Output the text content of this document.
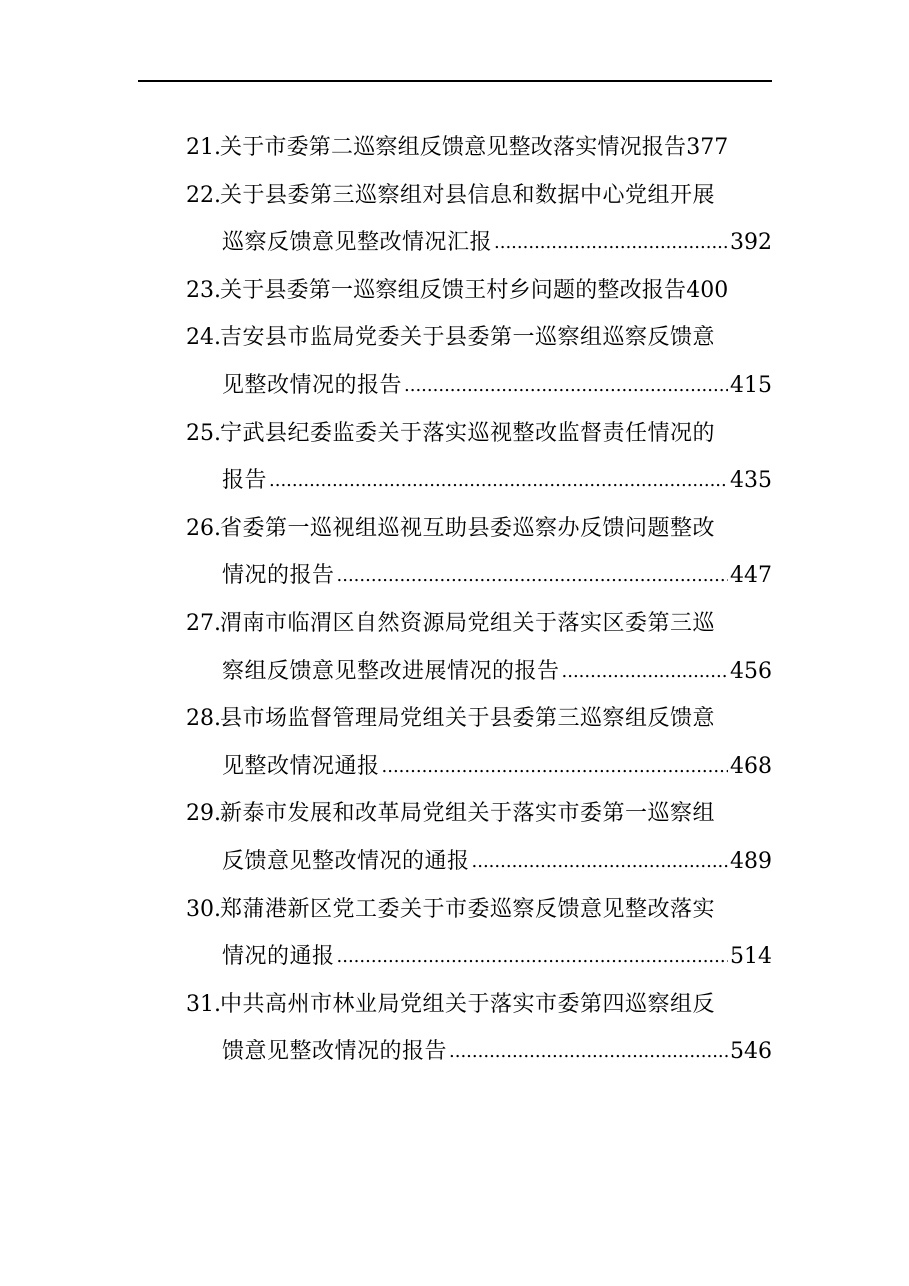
21. 关于市委第二巡察组反馈意见整改落实情况报告 377
22. 关于县委第三巡察组对县信息和数据中心党组开展
巡察反馈意见整改情况汇报 .....	392
23. 关于县委第一巡察组反馈王村乡问题的整改报告 400
24. 吉安县市监局党委关于县委第一巡察组巡察反馈意
见整改情况的报告 .....	415
25. 宁武县纪委监委关于落实巡视整改监督责任情况的
报告 .....	435
26. 省委第一巡视组巡视互助县委巡察办反馈问题整改
情况的报告 .....	447
27. 渭南市临渭区自然资源局党组关于落实区委第三巡
察组反馈意见整改进展情况的报告 .....	456
28. 县市场监督管理局党组关于县委第三巡察组反馈意
见整改情况通报 .....	468
29. 新泰市发展和改革局党组关于落实市委第一巡察组
反馈意见整改情况的通报 .....	489
30. 郑蒲港新区党工委关于市委巡察反馈意见整改落实
情况的通报 .....	514
31. 中共高州市林业局党组关于落实市委第四巡察组反
馈意见整改情况的报告 .....	546
